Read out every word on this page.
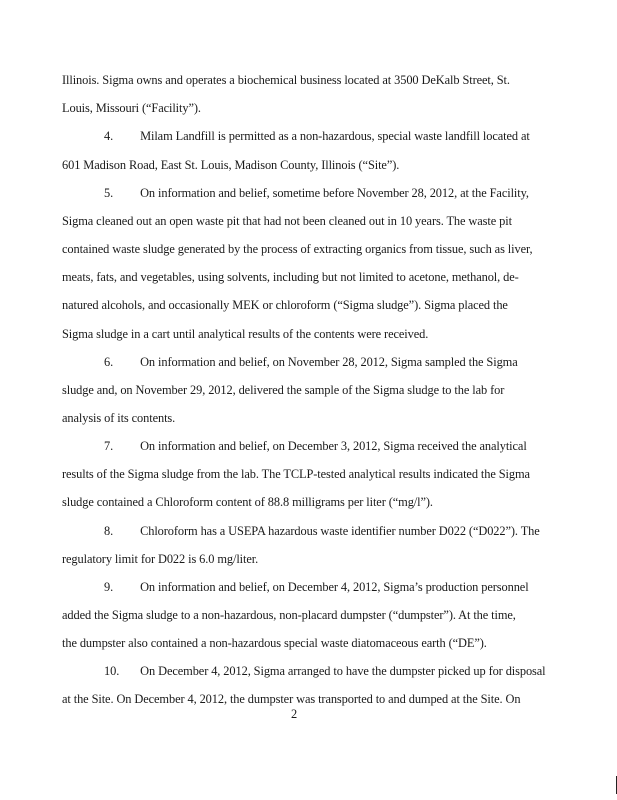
Illinois. Sigma owns and operates a biochemical business located at 3500 DeKalb Street, St.
Louis, Missouri (“Facility”).
4.         Milam Landfill is permitted as a non-hazardous, special waste landfill located at
601 Madison Road, East St. Louis, Madison County, Illinois (“Site”).
5.         On information and belief, sometime before November 28, 2012, at the Facility,
Sigma cleaned out an open waste pit that had not been cleaned out in 10 years. The waste pit
contained waste sludge generated by the process of extracting organics from tissue, such as liver,
meats, fats, and vegetables, using solvents, including but not limited to acetone, methanol, de-
natured alcohols, and occasionally MEK or chloroform (“Sigma sludge”). Sigma placed the
Sigma sludge in a cart until analytical results of the contents were received.
6.         On information and belief, on November 28, 2012, Sigma sampled the Sigma
sludge and, on November 29, 2012, delivered the sample of the Sigma sludge to the lab for
analysis of its contents.
7.         On information and belief, on December 3, 2012, Sigma received the analytical
results of the Sigma sludge from the lab. The TCLP-tested analytical results indicated the Sigma
sludge contained a Chloroform content of 88.8 milligrams per liter (“mg/l”).
8.         Chloroform has a USEPA hazardous waste identifier number D022 (“D022”). The
regulatory limit for D022 is 6.0 mg/liter.
9.         On information and belief, on December 4, 2012, Sigma’s production personnel
added the Sigma sludge to a non-hazardous, non-placard dumpster (“dumpster”). At the time,
the dumpster also contained a non-hazardous special waste diatomaceous earth (“DE”).
10.       On December 4, 2012, Sigma arranged to have the dumpster picked up for disposal
at the Site. On December 4, 2012, the dumpster was transported to and dumped at the Site. On
2
